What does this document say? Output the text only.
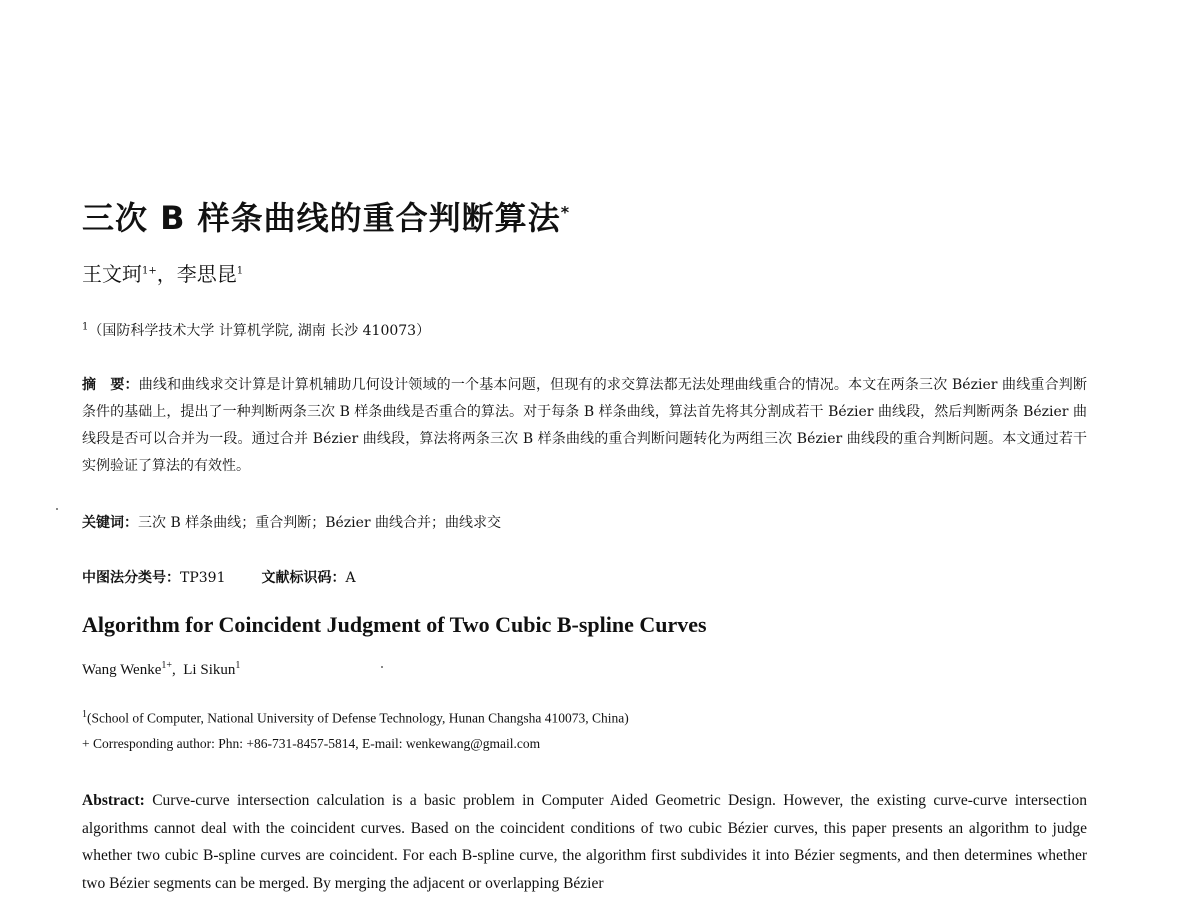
三次 B 样条曲线的重合判断算法*
王文珂$^{1+}$，李思昆$^1$
$^1$（国防科学技术大学 计算机学院, 湖南 长沙 410073）
摘　要：曲线和曲线求交计算是计算机辅助几何设计领域的一个基本问题，但现有的求交算法都无法处理曲线重合的情况。本文在两条三次 Bézier 曲线重合判断条件的基础上，提出了一种判断两条三次 B 样条曲线是否重合的算法。对于每条 B 样条曲线，算法首先将其分割成若干 Bézier 曲线段，然后判断两条 Bézier 曲线段是否可以合并为一段。通过合并 Bézier 曲线段，算法将两条三次 B 样条曲线的重合判断问题转化为两组三次 Bézier 曲线段的重合判断问题。本文通过若干实例验证了算法的有效性。
关键词：三次 B 样条曲线；重合判断；Bézier 曲线合并；曲线求交
中图法分类号：TP391	文献标识码：A
Algorithm for Coincident Judgment of Two Cubic B-spline Curves
Wang Wenke$^{1+}$,  Li Sikun$^1$
$^1$(School of Computer, National University of Defense Technology, Hunan Changsha 410073, China)
+ Corresponding author: Phn: +86-731-8457-5814, E-mail: wenkewang@gmail.com
Abstract: Curve-curve intersection calculation is a basic problem in Computer Aided Geometric Design. However, the existing curve-curve intersection algorithms cannot deal with the coincident curves. Based on the coincident conditions of two cubic Bézier curves, this paper presents an algorithm to judge whether two cubic B-spline curves are coincident. For each B-spline curve, the algorithm first subdivides it into Bézier segments, and then determines whether two Bézier segments can be merged. By merging the adjacent or overlapping Bézier
